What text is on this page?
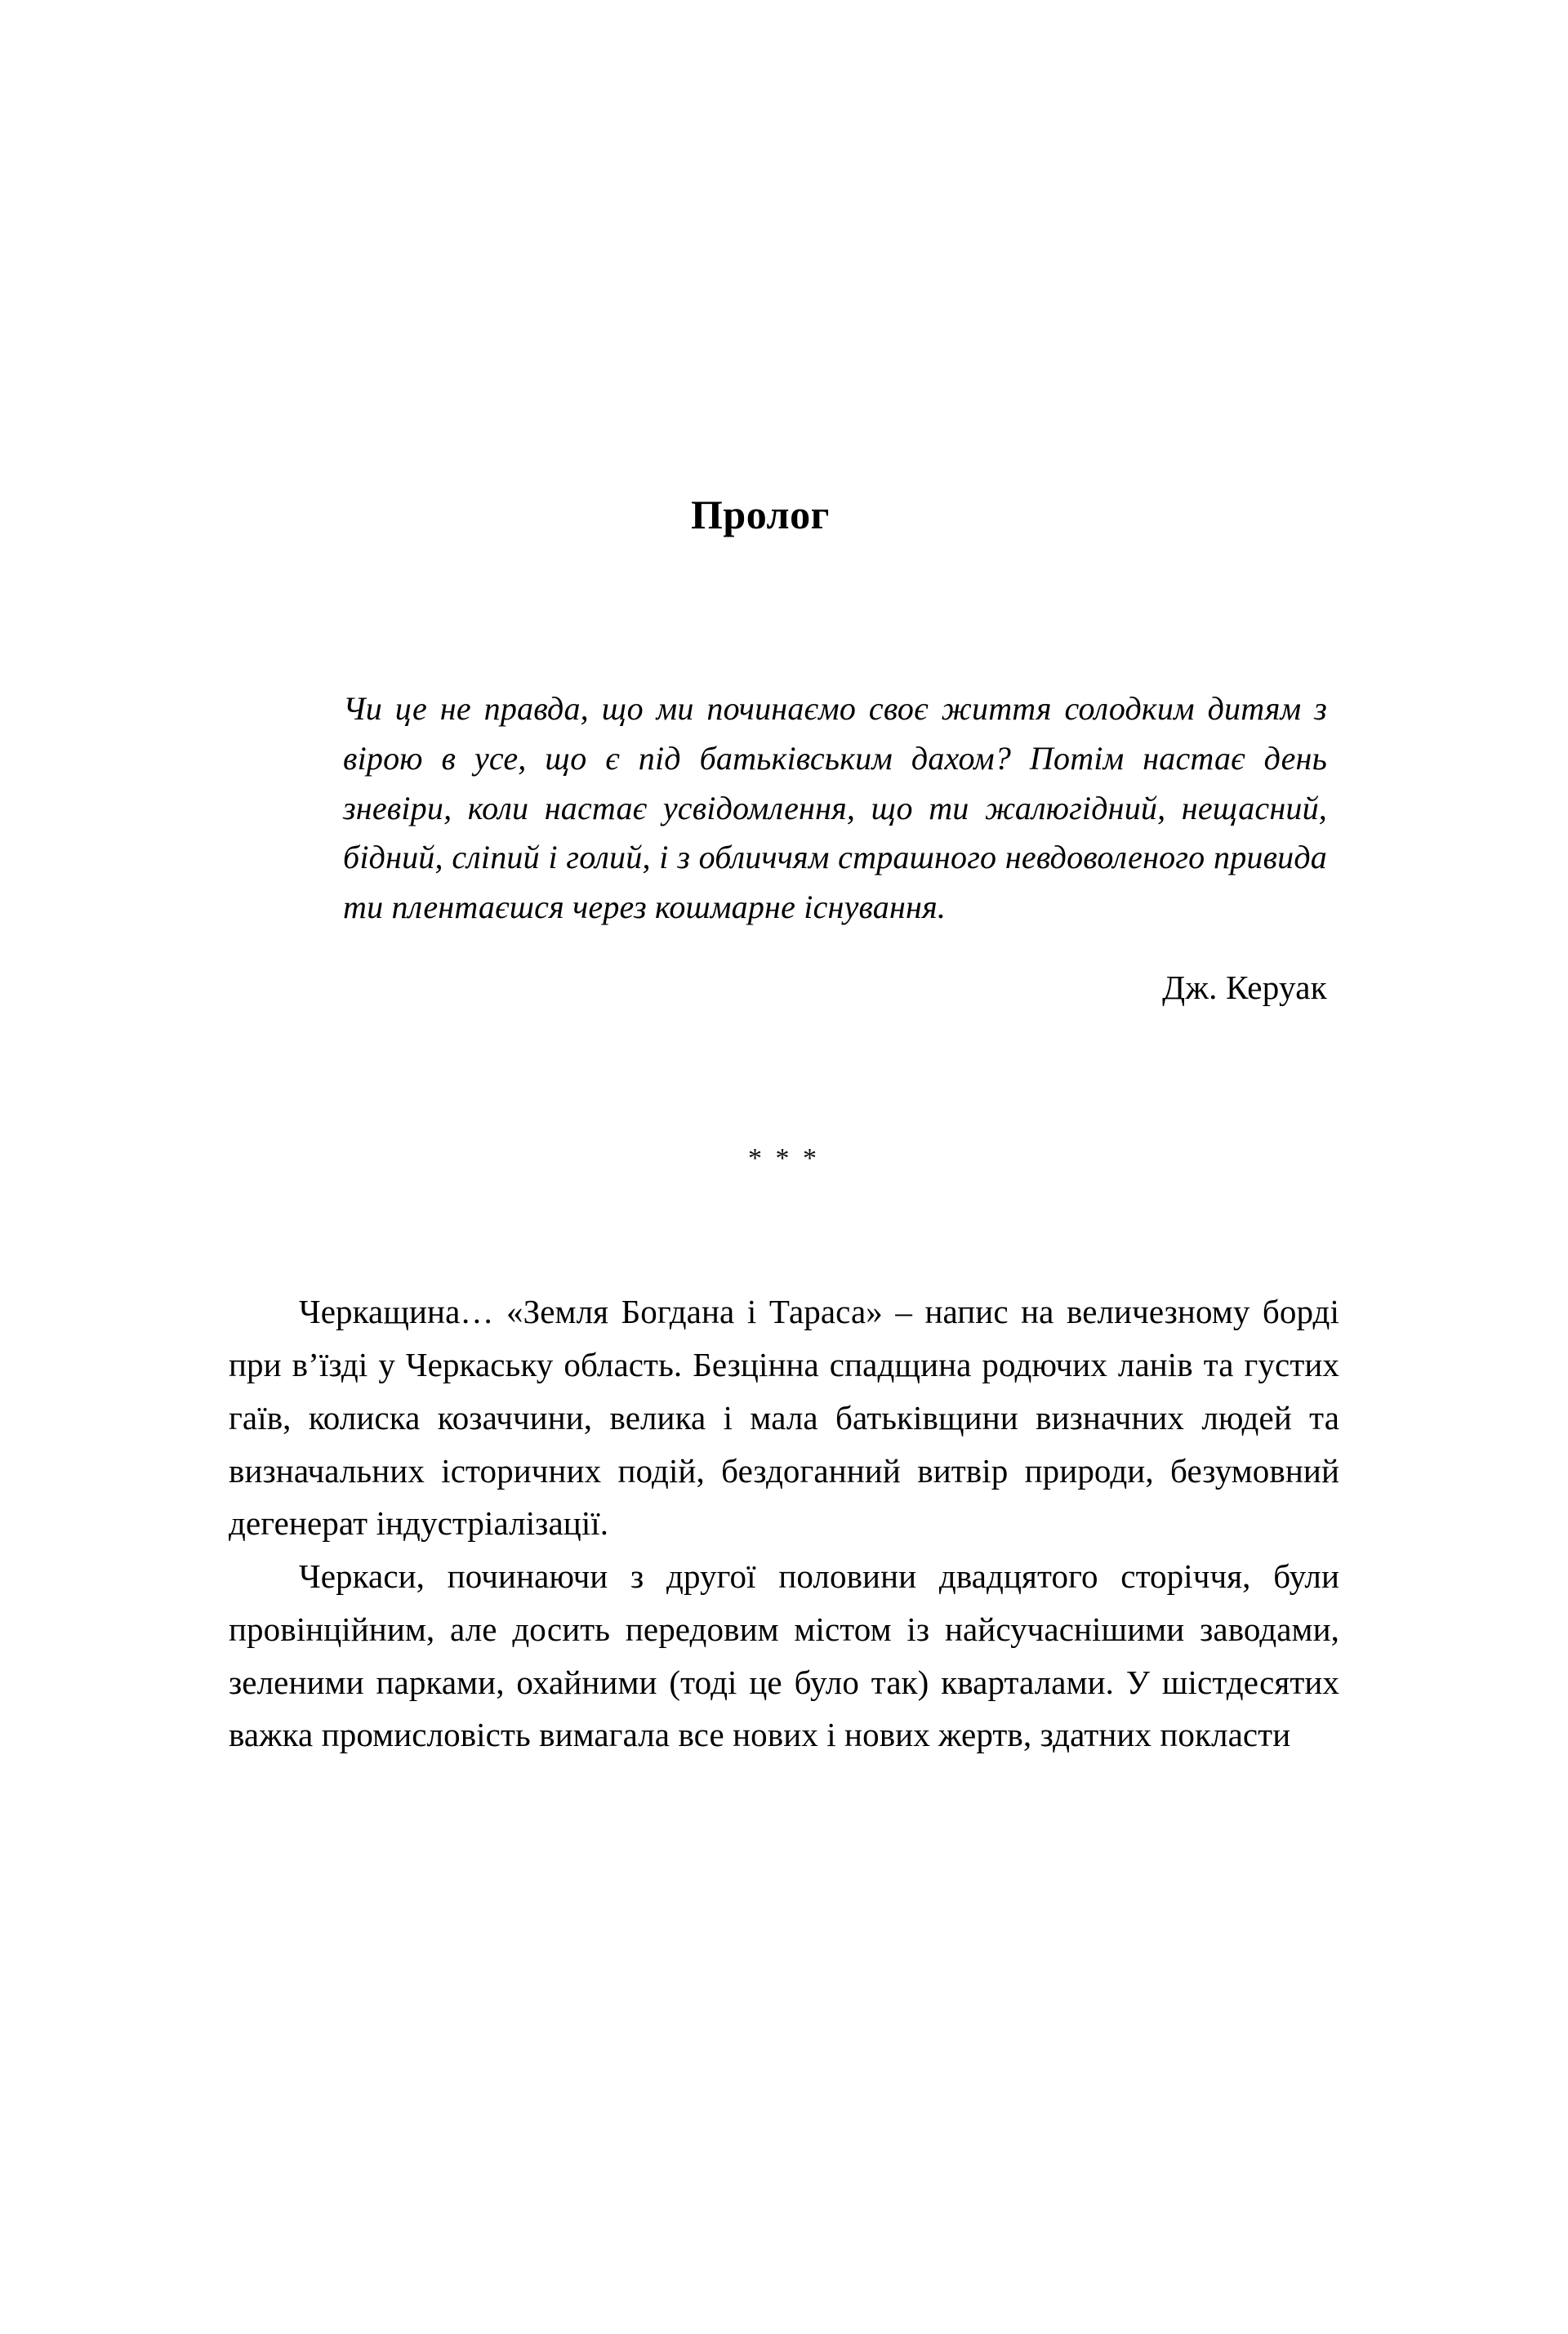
Пролог

Чи це не правда, що ми починаємо своє життя солодким дитям з вірою в усе, що є під батьківським дахом? Потім настає день зневіри, коли настає усвідомлення, що ти жалюгідний, нещасний, бідний, сліпий і голий, і з обличчям страшного невдоволеного привида ти плентаєшся через кошмарне існування.

Дж. Керуак

* * *

Черкащина… «Земля Богдана і Тараса» – напис на величезному борді при в’їзді у Черкаську область. Безцінна спадщина родючих ланів та густих гаїв, колиска козаччини, велика і мала батьківщини визначних людей та визначальних історичних подій, бездоганний витвір природи, безумовний дегенерат індустріалізації.

Черкаси, починаючи з другої половини двадцятого сторіччя, були провінційним, але досить передовим містом із найсучаснішими заводами, зеленими парками, охайними (тоді це було так) кварталами. У шістдесятих важка промисловість вимагала все нових і нових жертв, здатних покласти
